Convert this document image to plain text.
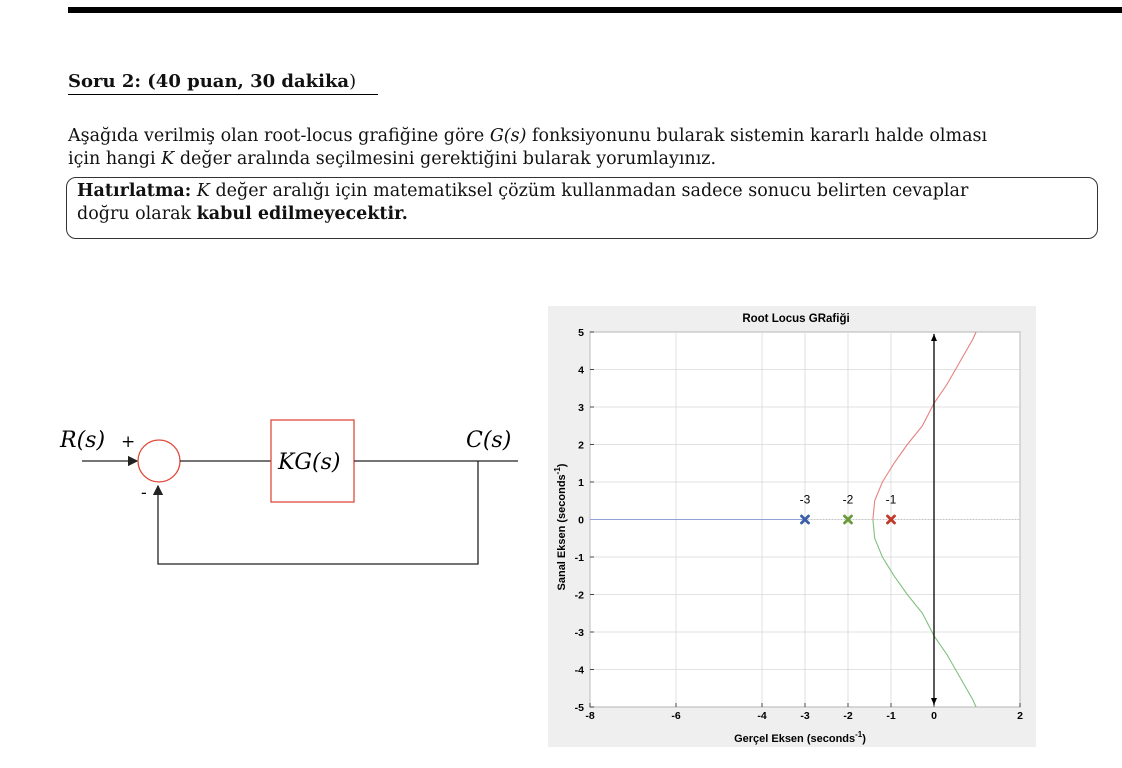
Soru 2: (40 puan, 30 dakika)
Aşağıda verilmiş olan root-locus grafiğine göre G(s) fonksiyonunu bularak sistemin kararlı halde olması
için hangi K değer aralında seçilmesini gerektiğini bularak yorumlayınız.
Hatırlatma: K değer aralığı için matematiksel çözüm kullanmadan sadece sonucu belirten cevaplar
doğru olarak kabul edilmeyecektir.
R(s) +
KG(s)
C(s)
-
Root Locus GRafiği
Gerçel Eksen (seconds$^{-1}$)
Sanal Eksen (seconds$^{-1}$)
-8	-6	-4	-3	-2	-1	0	2
5
4
3
2
1
0
-1
-2
-3
-4
-5
-3	-2	-1
